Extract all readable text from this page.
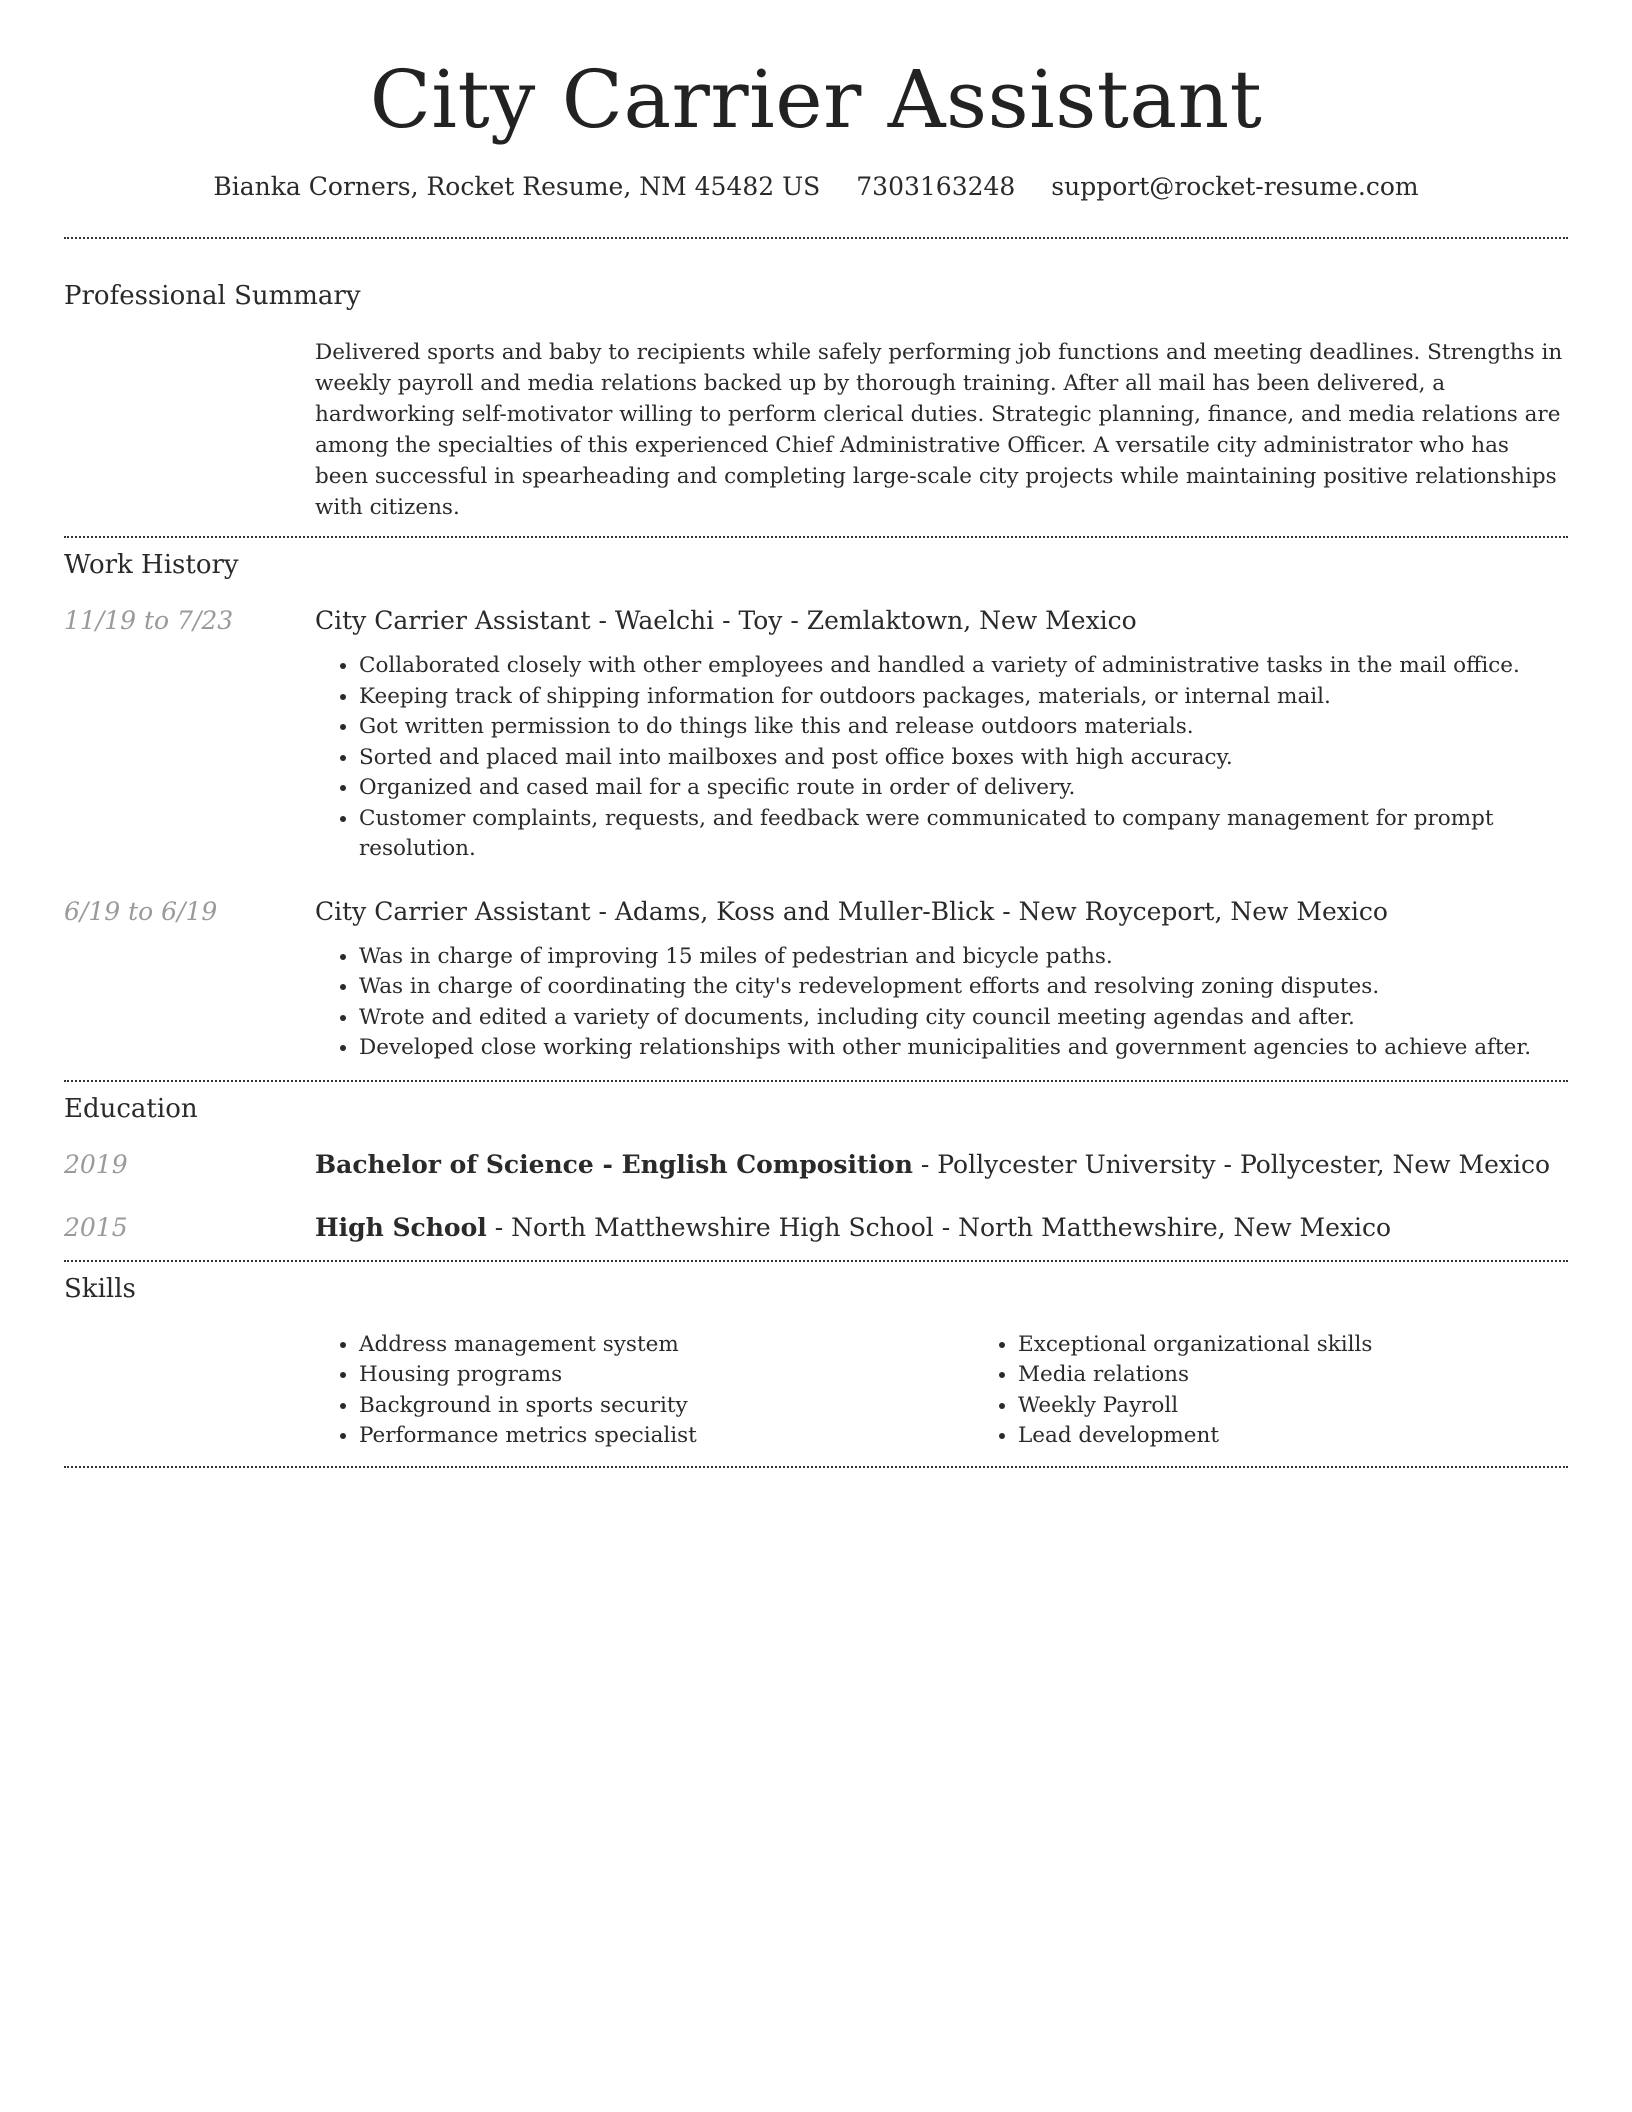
City Carrier Assistant
Bianka Corners, Rocket Resume, NM 45482 US 7303163248 support@rocket-resume.com
Professional Summary

Delivered sports and baby to recipients while safely performing job functions and meeting deadlines. Strengths in weekly payroll and media relations backed up by thorough training. After all mail has been delivered, a hardworking self-motivator willing to perform clerical duties. Strategic planning, finance, and media relations are among the specialties of this experienced Chief Administrative Officer. A versatile city administrator who has been successful in spearheading and completing large-scale city projects while maintaining positive relationships with citizens.

Work History
11/19 to 7/23	City Carrier Assistant - Waelchi - Toy - Zemlaktown, New Mexico
• Collaborated closely with other employees and handled a variety of administrative tasks in the mail office.
• Keeping track of shipping information for outdoors packages, materials, or internal mail.
• Got written permission to do things like this and release outdoors materials.
• Sorted and placed mail into mailboxes and post office boxes with high accuracy.
• Organized and cased mail for a specific route in order of delivery.
• Customer complaints, requests, and feedback were communicated to company management for prompt resolution.
6/19 to 6/19	City Carrier Assistant - Adams, Koss and Muller-Blick - New Royceport, New Mexico
• Was in charge of improving 15 miles of pedestrian and bicycle paths.
• Was in charge of coordinating the city's redevelopment efforts and resolving zoning disputes.
• Wrote and edited a variety of documents, including city council meeting agendas and after.
• Developed close working relationships with other municipalities and government agencies to achieve after.
Education
2019	Bachelor of Science - English Composition - Pollycester University - Pollycester, New Mexico
2015	High School - North Matthewshire High School - North Matthewshire, New Mexico
Skills
• Address management system
• Housing programs
• Background in sports security
• Performance metrics specialist
• Exceptional organizational skills
• Media relations
• Weekly Payroll
• Lead development
